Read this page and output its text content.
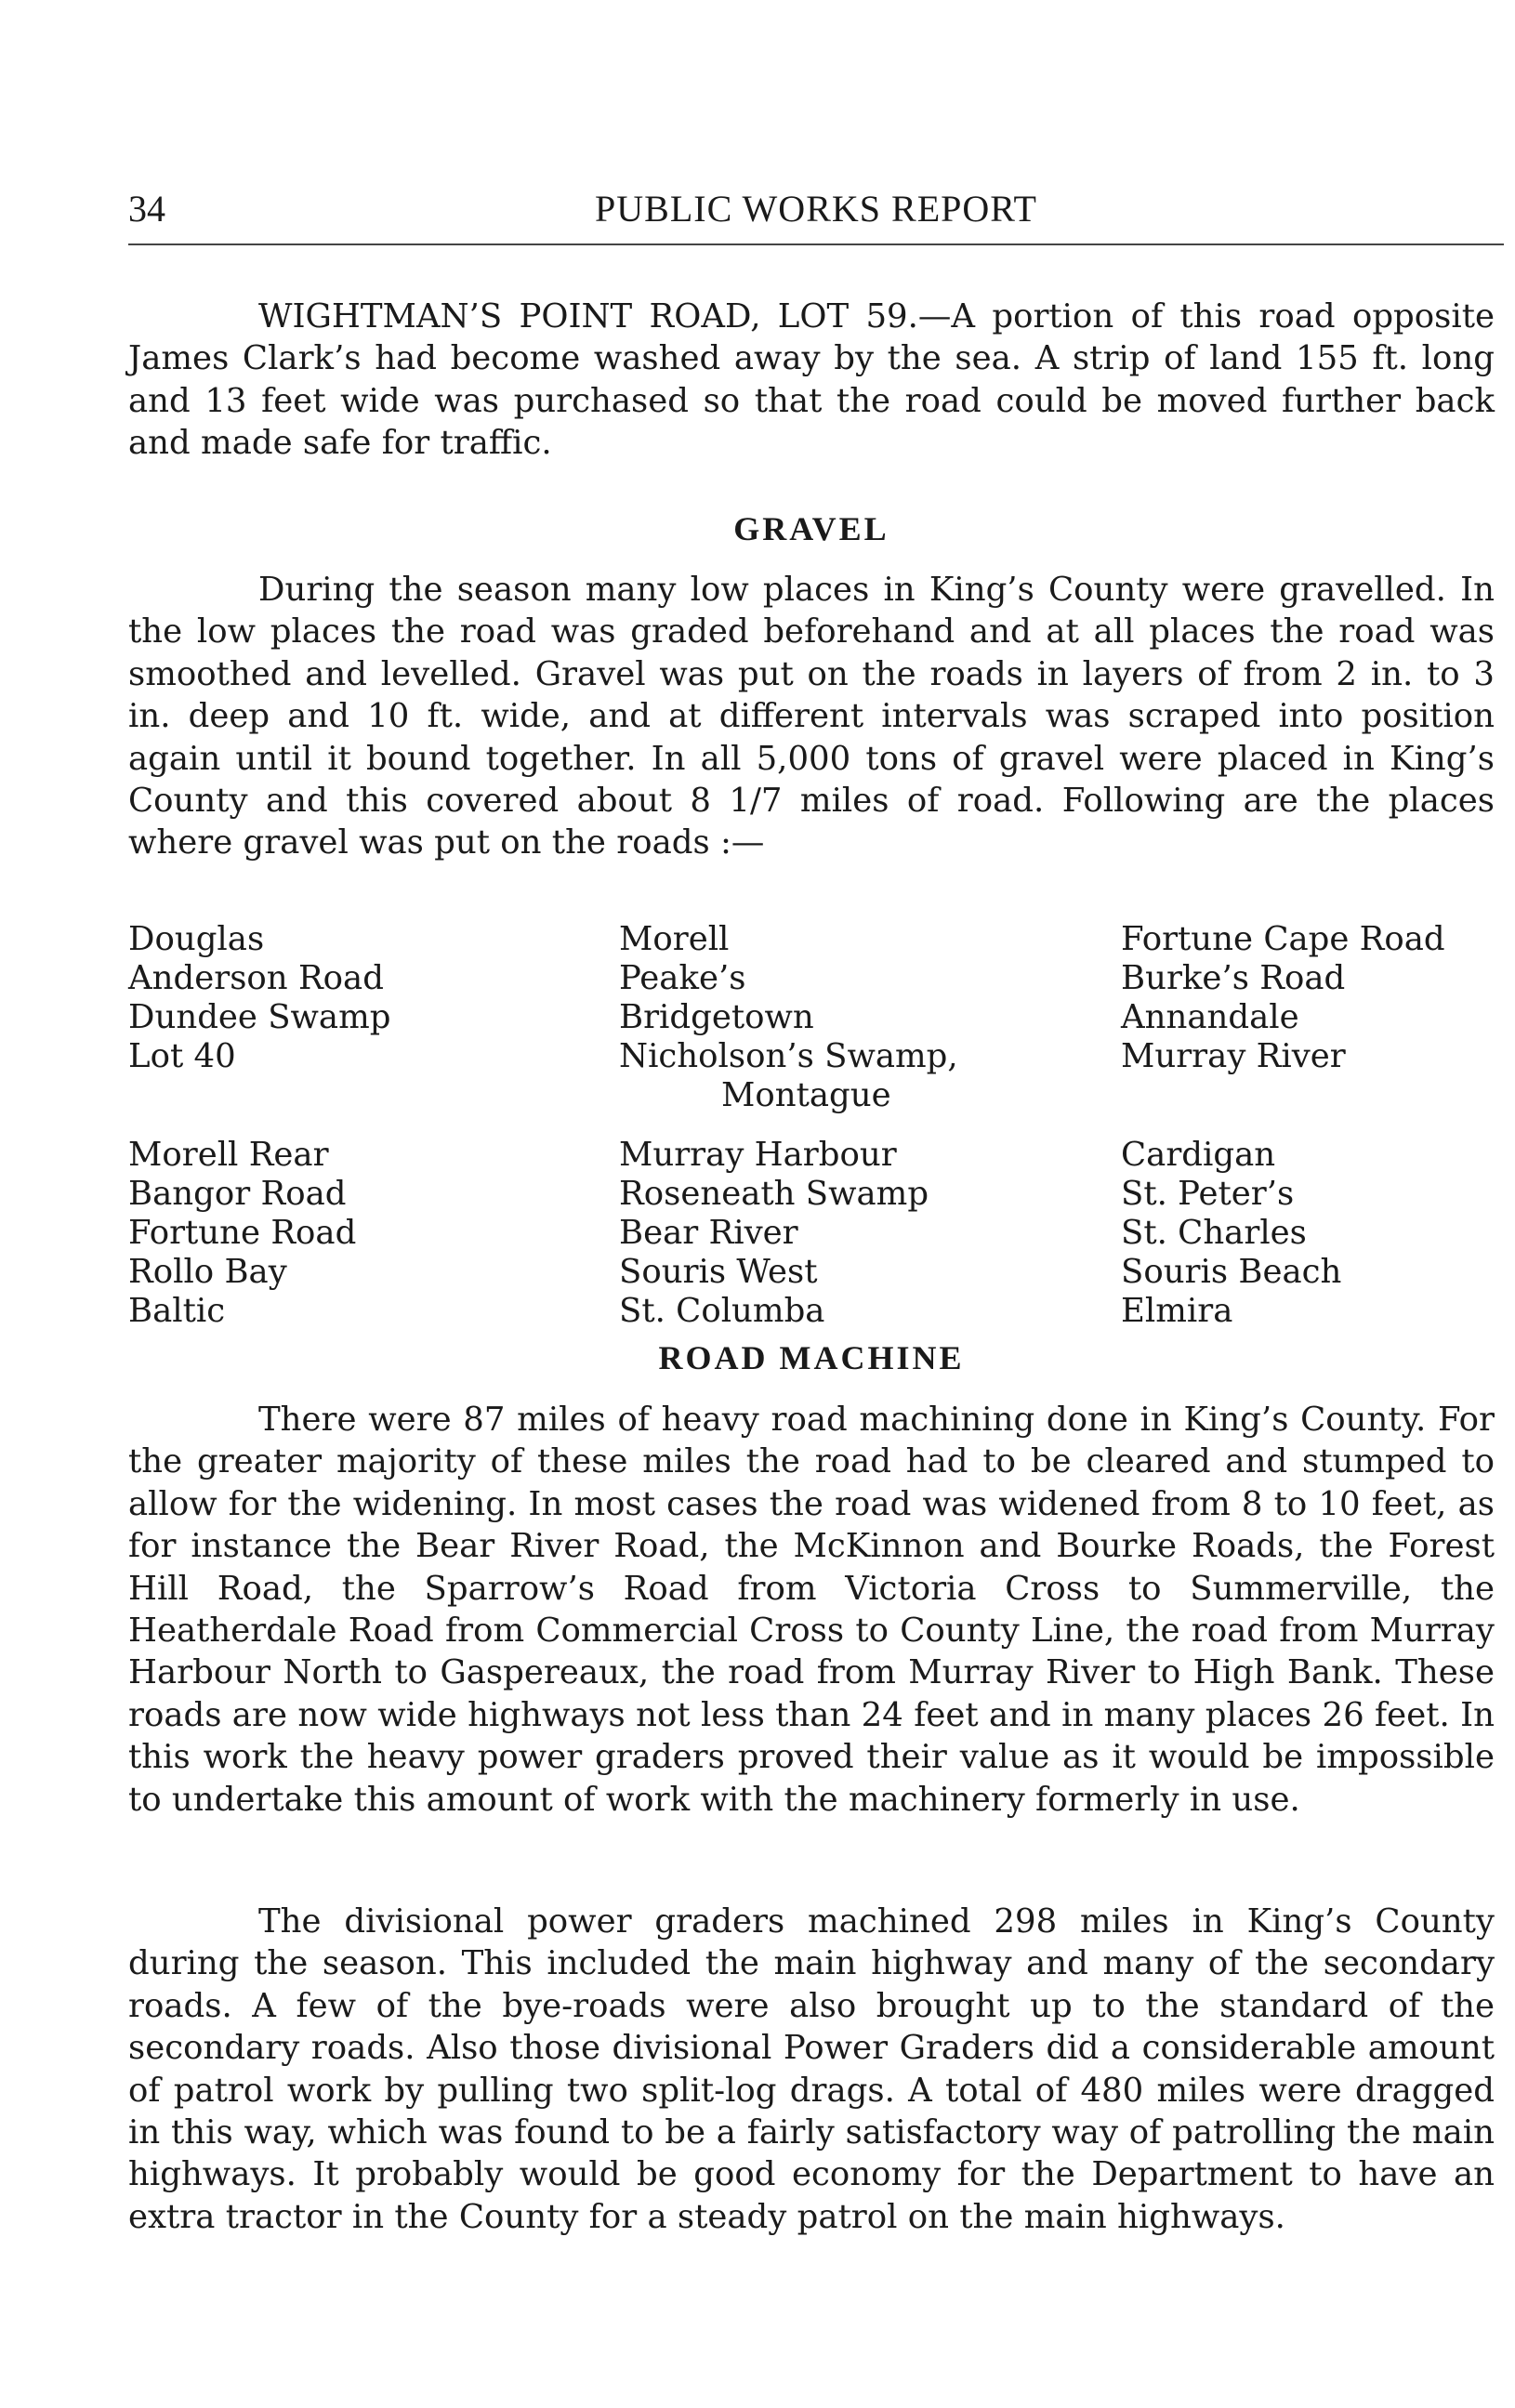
34	PUBLIC WORKS REPORT

WIGHTMAN’S POINT ROAD, LOT 59.—A portion of this road opposite James Clark’s had become washed away by the sea. A strip of land 155 ft. long and 13 feet wide was purchased so that the road could be moved further back and made safe for traffic.

GRAVEL

During the season many low places in King’s County were gravelled. In the low places the road was graded beforehand and at all places the road was smoothed and levelled. Gravel was put on the roads in layers of from 2 in. to 3 in. deep and 10 ft. wide, and at different intervals was scraped into position again until it bound together. In all 5,000 tons of gravel were placed in King’s County and this covered about 8 1/7 miles of road. Following are the places where gravel was put on the roads :—

Douglas
Anderson Road
Dundee Swamp
Lot 40
Morell Rear
Bangor Road
Fortune Road
Rollo Bay
Baltic
Morell
Peake’s
Bridgetown
Nicholson’s Swamp,
Montague
Murray Harbour
Roseneath Swamp
Bear River
Souris West
St. Columba
Fortune Cape Road
Burke’s Road
Annandale
Murray River
Cardigan
St. Peter’s
St. Charles
Souris Beach
Elmira
ROAD MACHINE

There were 87 miles of heavy road machining done in King’s County. For the greater majority of these miles the road had to be cleared and stumped to allow for the widening. In most cases the road was widened from 8 to 10 feet, as for instance the Bear River Road, the McKinnon and Bourke Roads, the Forest Hill Road, the Sparrow’s Road from Victoria Cross to Summerville, the Heatherdale Road from Commercial Cross to County Line, the road from Murray Harbour North to Gaspereaux, the road from Murray River to High Bank. These roads are now wide highways not less than 24 feet and in many places 26 feet. In this work the heavy power graders proved their value as it would be impossible to undertake this amount of work with the machinery formerly in use.

The divisional power graders machined 298 miles in King’s County during the season. This included the main highway and many of the secondary roads. A few of the bye-roads were also brought up to the standard of the secondary roads. Also those divisional Power Graders did a considerable amount of patrol work by pulling two split-log drags. A total of 480 miles were dragged in this way, which was found to be a fairly satisfactory way of patrolling the main highways. It probably would be good economy for the Department to have an extra tractor in the County for a steady patrol on the main highways.
